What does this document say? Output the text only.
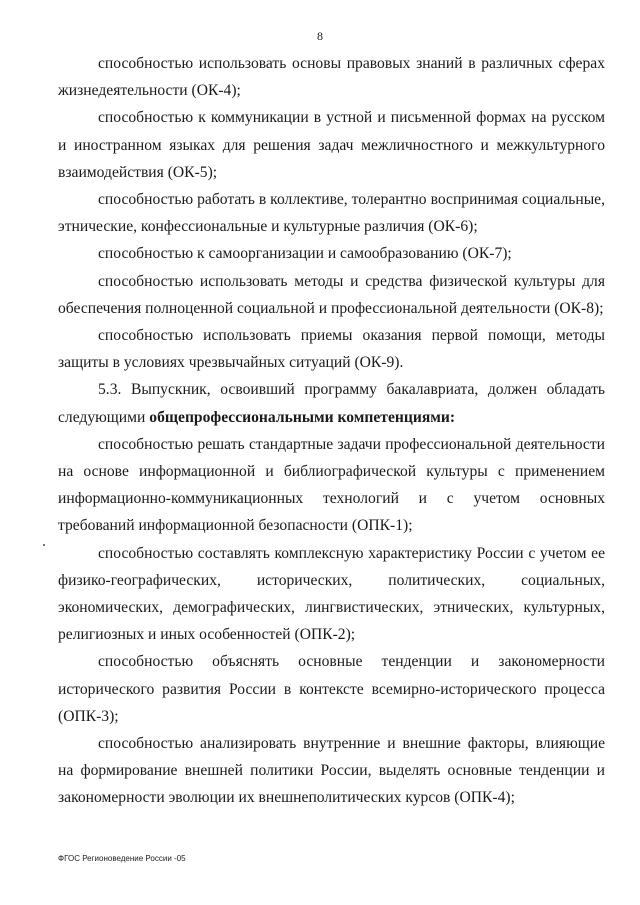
8

способностью использовать основы правовых знаний в различных сферах жизнедеятельности (ОК-4);

способностью к коммуникации в устной и письменной формах на русском и иностранном языках для решения задач межличностного и межкультурного взаимодействия (ОК-5);

способностью работать в коллективе, толерантно воспринимая социальные, этнические, конфессиональные и культурные различия (ОК-6);

способностью к самоорганизации и самообразованию (ОК-7);

способностью использовать методы и средства физической культуры для обеспечения полноценной социальной и профессиональной деятельности (ОК-8);

способностью использовать приемы оказания первой помощи, методы защиты в условиях чрезвычайных ситуаций (ОК-9).

5.3. Выпускник, освоивший программу бакалавриата, должен обладать следующими общепрофессиональными компетенциями:

способностью решать стандартные задачи профессиональной деятельности на основе информационной и библиографической культуры с применением информационно-коммуникационных технологий и с учетом основных требований информационной безопасности (ОПК-1);

способностью составлять комплексную характеристику России с учетом ее физико-географических, исторических, политических, социальных, экономических, демографических, лингвистических, этнических, культурных, религиозных и иных особенностей (ОПК-2);

способностью объяснять основные тенденции и закономерности исторического развития России в контексте всемирно-исторического процесса (ОПК-3);

способностью анализировать внутренние и внешние факторы, влияющие на формирование внешней политики России, выделять основные тенденции и закономерности эволюции их внешнеполитических курсов (ОПК-4);

ФГОС Регионоведение России -05
